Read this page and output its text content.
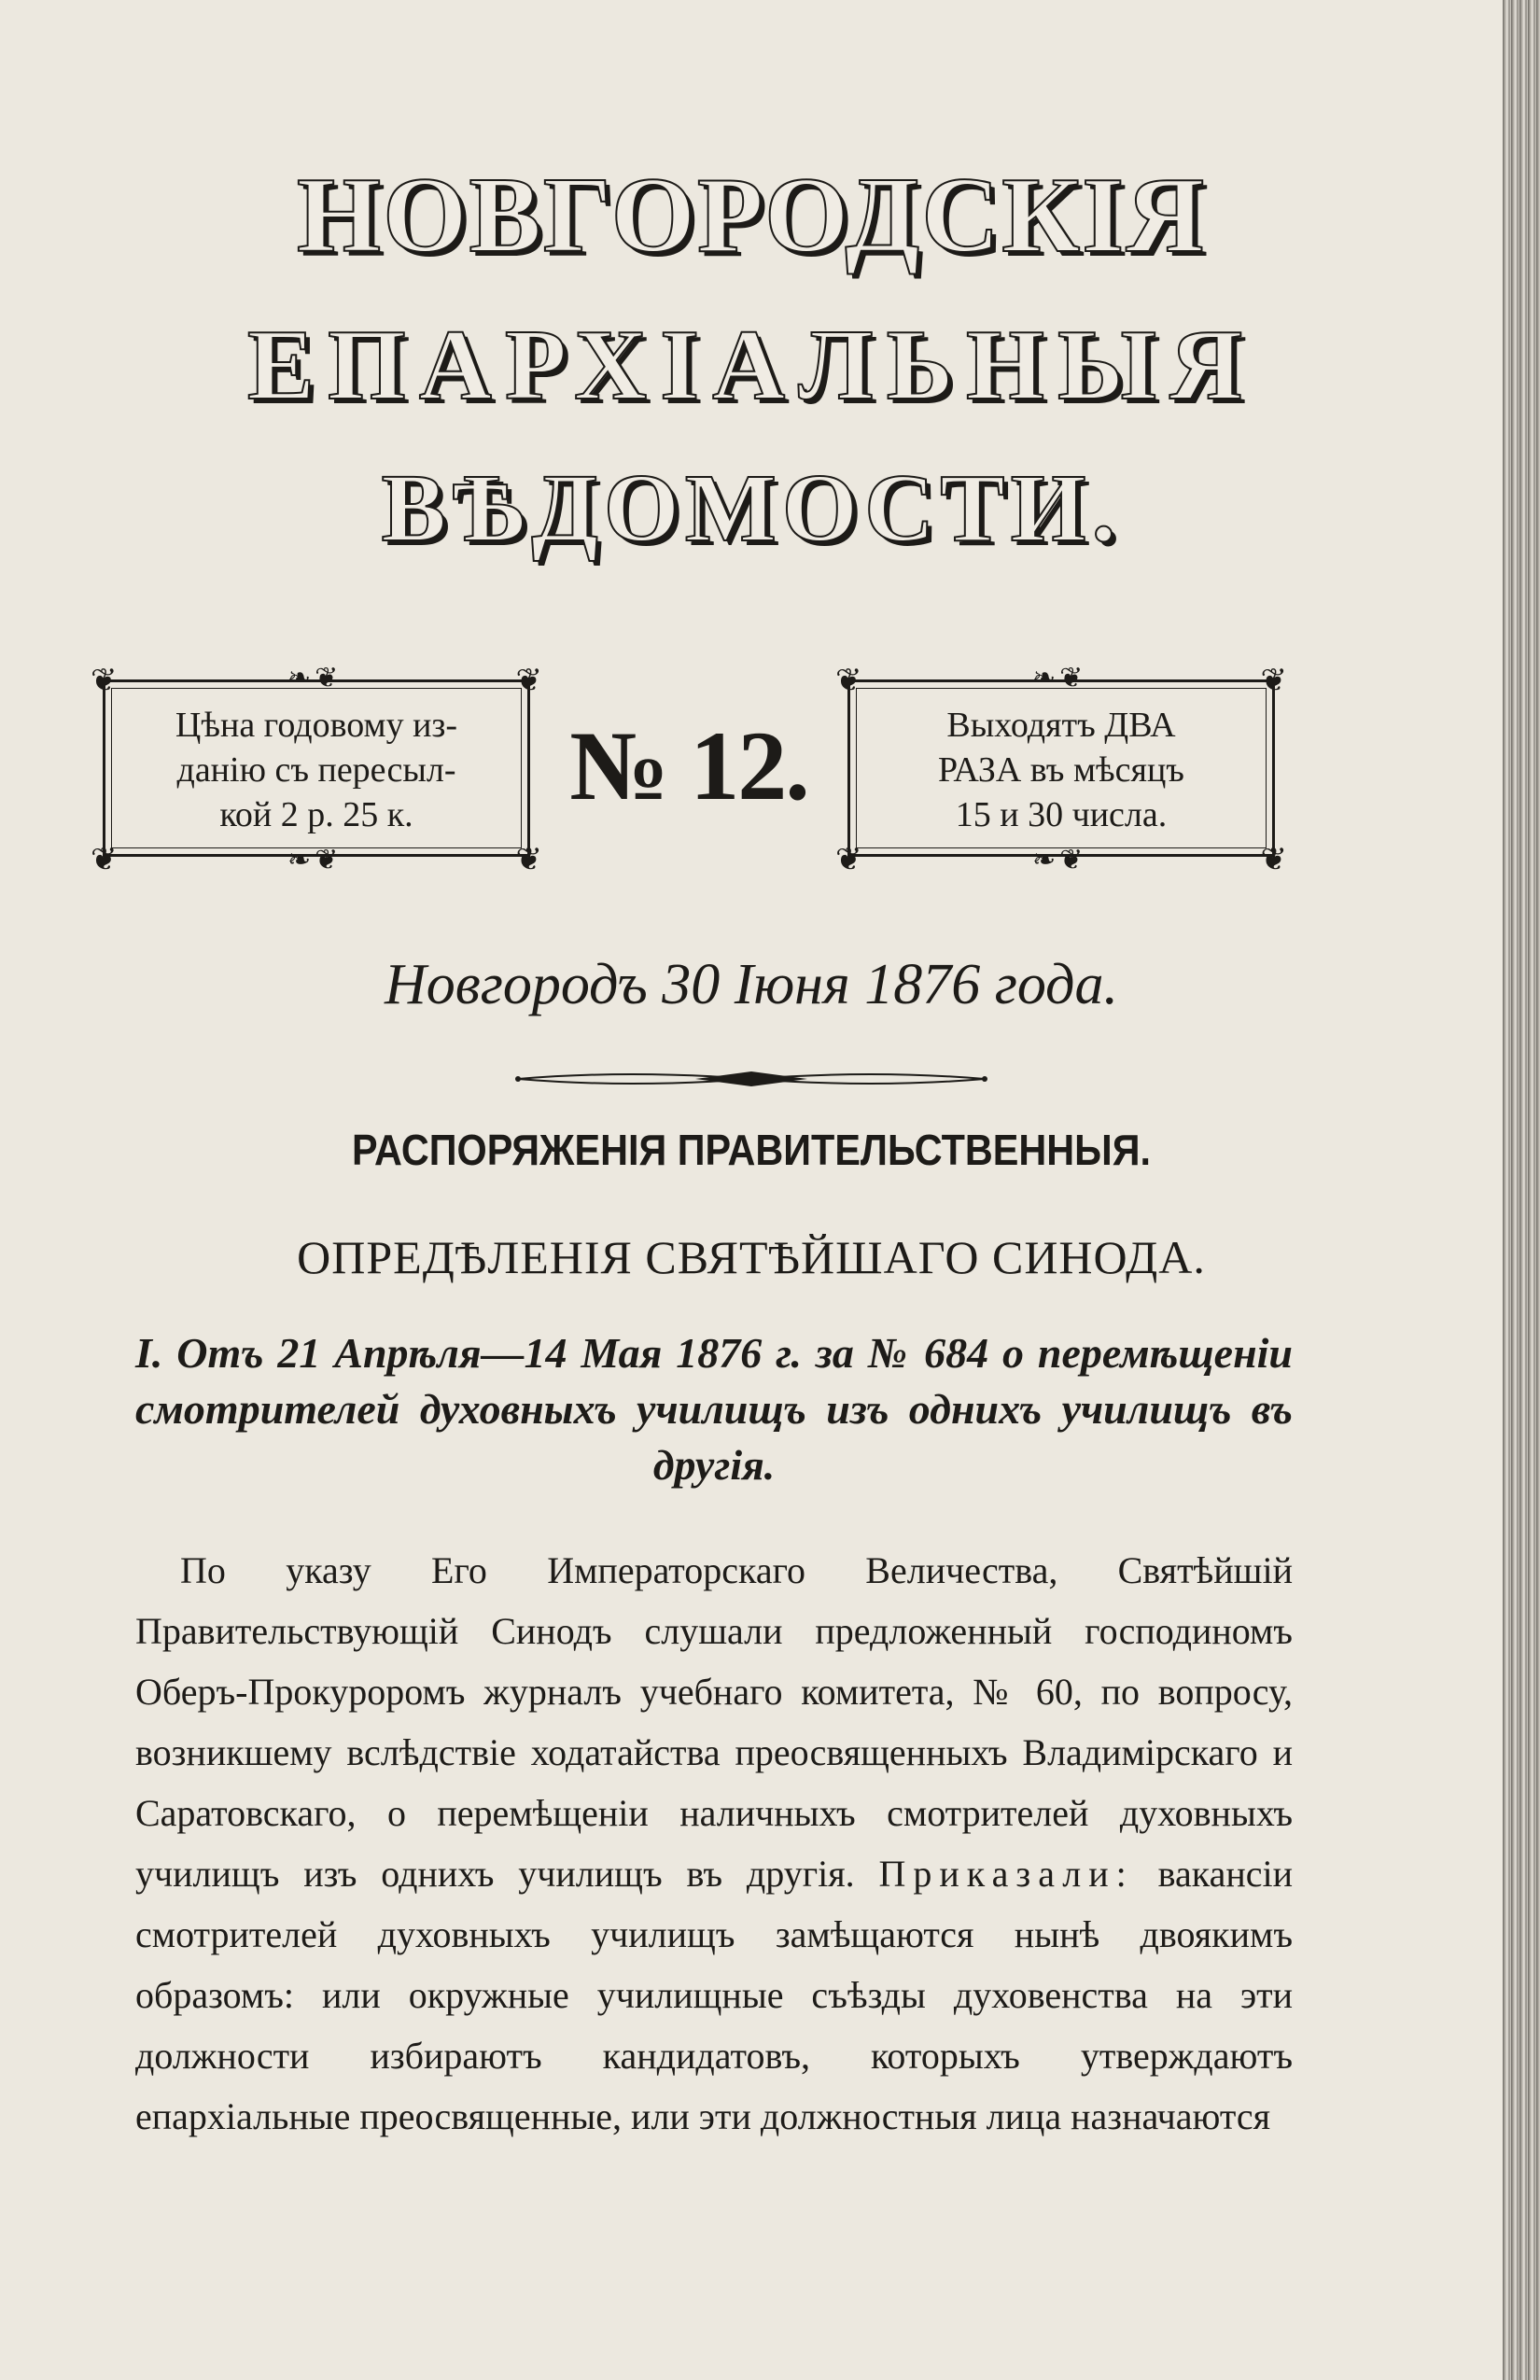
НОВГОРОДСКІЯ
ЕПАРХІАЛЬНЫЯ
ВѢДОМОСТИ.
❦	❦
❦	❦
❧❦
❧❦
Цѣна годовому из-
данію съ пересыл-
кой 2 р. 25 к.	№ 12.
❦	❦
❦	❦
❧❦
❧❦
Выходятъ ДВА
РАЗА въ мѣсяцъ
15 и 30 числа.
Новгородъ 30 Іюня 1876 года.
РАСПОРЯЖЕНІЯ ПРАВИТЕЛЬСТВЕННЫЯ.
ОПРЕДѢЛЕНІЯ СВЯТѢЙШАГО СИНОДА.
I. Отъ 21 Апрѣля—14 Мая 1876 г. за № 684 о перемѣщеніи смотрителей духовныхъ училищъ изъ однихъ училищъ въ другія.

По указу Его Императорскаго Величества, Святѣйшій Правительствующій Синодъ слушали предложенный господиномъ Оберъ-Прокуроромъ журналъ учебнаго комитета, № 60, по вопросу, возникшему вслѣдствіе ходатайства преосвященныхъ Владимірскаго и Саратовскаго, о перемѣщеніи наличныхъ смотрителей духовныхъ училищъ изъ однихъ училищъ въ другія. Приказали: вакансіи смотрителей духовныхъ училищъ замѣщаются нынѣ двоякимъ образомъ: или окружные училищные съѣзды духовенства на эти должности избираютъ кандидатовъ, которыхъ утверждаютъ епархіальные преосвященные, или эти должностныя лица назначаются
